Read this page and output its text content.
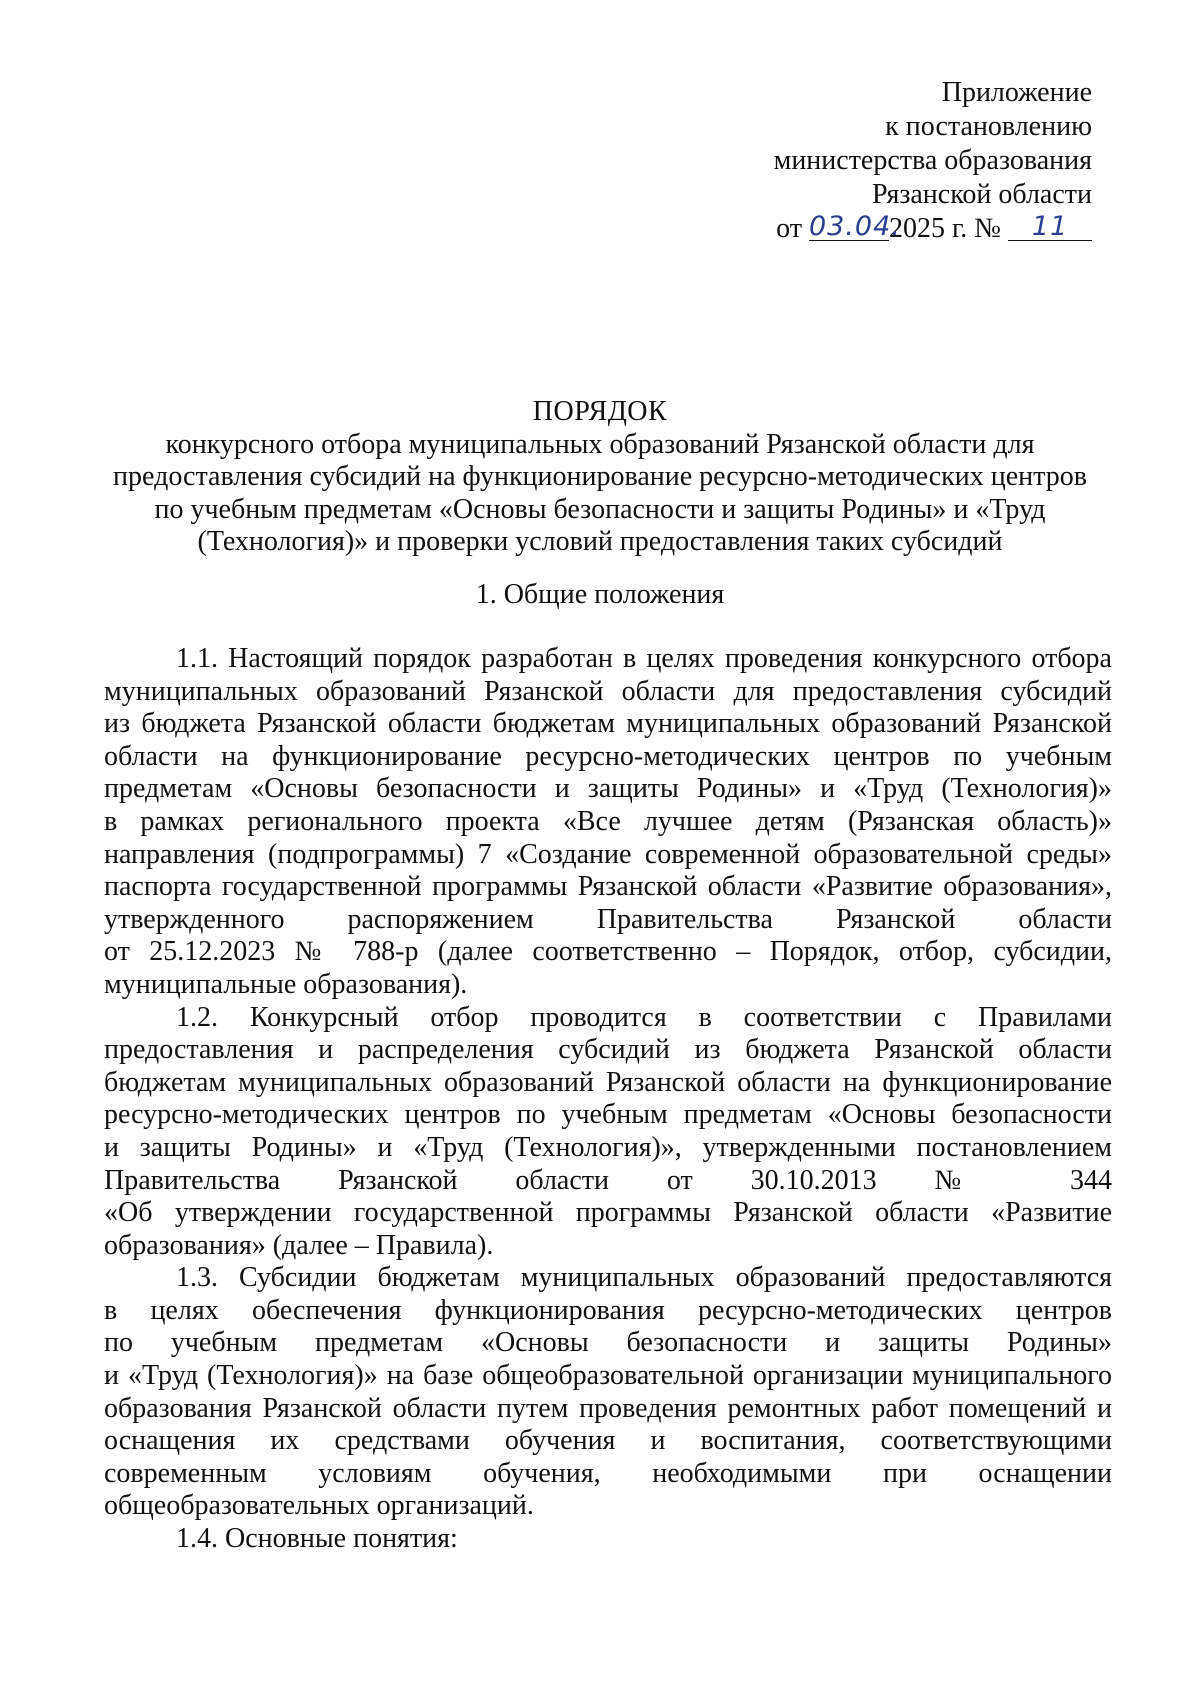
Приложение
к постановлению
министерства образования
Рязанской области
от 03.04.2025 г. № 11
ПОРЯДОК
конкурсного отбора муниципальных образований Рязанской области для
предоставления субсидий на функционирование ресурсно-методических центров
по учебным предметам «Основы безопасности и защиты Родины» и «Труд
(Технология)» и проверки условий предоставления таких субсидий
1. Общие положения
1.1. Настоящий порядок разработан в целях проведения конкурсного отбора
муниципальных образований Рязанской области для предоставления субсидий
из бюджета Рязанской области бюджетам муниципальных образований Рязанской
области на функционирование ресурсно-методических центров по учебным
предметам «Основы безопасности и защиты Родины» и «Труд (Технология)»
в рамках регионального проекта «Все лучшее детям (Рязанская область)»
направления (подпрограммы) 7 «Создание современной образовательной среды»
паспорта государственной программы Рязанской области «Развитие образования»,
утвержденного распоряжением Правительства Рязанской области
от 25.12.2023 № 788-р (далее соответственно – Порядок, отбор, субсидии,
муниципальные образования).
1.2. Конкурсный отбор проводится в соответствии с Правилами
предоставления и распределения субсидий из бюджета Рязанской области
бюджетам муниципальных образований Рязанской области на функционирование
ресурсно-методических центров по учебным предметам «Основы безопасности
и защиты Родины» и «Труд (Технология)», утвержденными постановлением
Правительства Рязанской области от 30.10.2013 № 344
«Об утверждении государственной программы Рязанской области «Развитие
образования» (далее – Правила).
1.3. Субсидии бюджетам муниципальных образований предоставляются
в целях обеспечения функционирования ресурсно-методических центров
по учебным предметам «Основы безопасности и защиты Родины»
и «Труд (Технология)» на базе общеобразовательной организации муниципального
образования Рязанской области путем проведения ремонтных работ помещений и
оснащения их средствами обучения и воспитания, соответствующими
современным условиям обучения, необходимыми при оснащении
общеобразовательных организаций.
1.4. Основные понятия:
